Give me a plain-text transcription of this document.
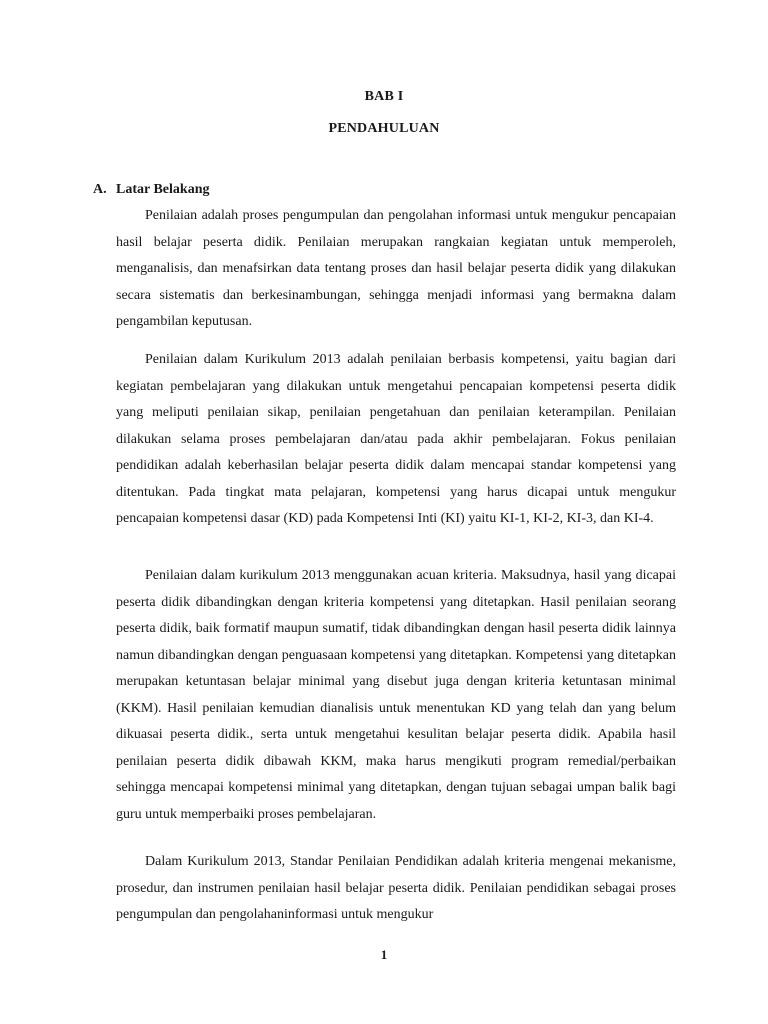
BAB I
PENDAHULUAN
A. Latar Belakang

Penilaian adalah proses pengumpulan dan pengolahan informasi untuk mengukur pencapaian hasil belajar peserta didik. Penilaian merupakan rangkaian kegiatan untuk memperoleh, menganalisis, dan menafsirkan data tentang proses dan hasil belajar peserta didik yang dilakukan secara sistematis dan berkesinambungan, sehingga menjadi informasi yang bermakna dalam pengambilan keputusan.

Penilaian dalam Kurikulum 2013 adalah penilaian berbasis kompetensi, yaitu bagian dari kegiatan pembelajaran yang dilakukan untuk mengetahui pencapaian kompetensi peserta didik yang meliputi penilaian sikap, penilaian pengetahuan dan penilaian keterampilan. Penilaian dilakukan selama proses pembelajaran dan/atau pada akhir pembelajaran. Fokus penilaian pendidikan adalah keberhasilan belajar peserta didik dalam mencapai standar kompetensi yang ditentukan. Pada tingkat mata pelajaran, kompetensi yang harus dicapai untuk mengukur pencapaian kompetensi dasar (KD) pada Kompetensi Inti (KI) yaitu KI-1, KI-2, KI-3, dan KI-4.

Penilaian dalam kurikulum 2013 menggunakan acuan kriteria. Maksudnya, hasil yang dicapai peserta didik dibandingkan dengan kriteria kompetensi yang ditetapkan. Hasil penilaian seorang peserta didik, baik formatif maupun sumatif, tidak dibandingkan dengan hasil peserta didik lainnya namun dibandingkan dengan penguasaan kompetensi yang ditetapkan. Kompetensi yang ditetapkan merupakan ketuntasan belajar minimal yang disebut juga dengan kriteria ketuntasan minimal (KKM). Hasil penilaian kemudian dianalisis untuk menentukan KD yang telah dan yang belum dikuasai peserta didik., serta untuk mengetahui kesulitan belajar peserta didik. Apabila hasil penilaian peserta didik dibawah KKM, maka harus mengikuti program remedial/perbaikan sehingga mencapai kompetensi minimal yang ditetapkan, dengan tujuan sebagai umpan balik bagi guru untuk memperbaiki proses pembelajaran.

Dalam Kurikulum 2013, Standar Penilaian Pendidikan adalah kriteria mengenai mekanisme, prosedur, dan instrumen penilaian hasil belajar peserta didik. Penilaian pendidikan sebagai proses pengumpulan dan pengolahaninformasi untuk mengukur

1
